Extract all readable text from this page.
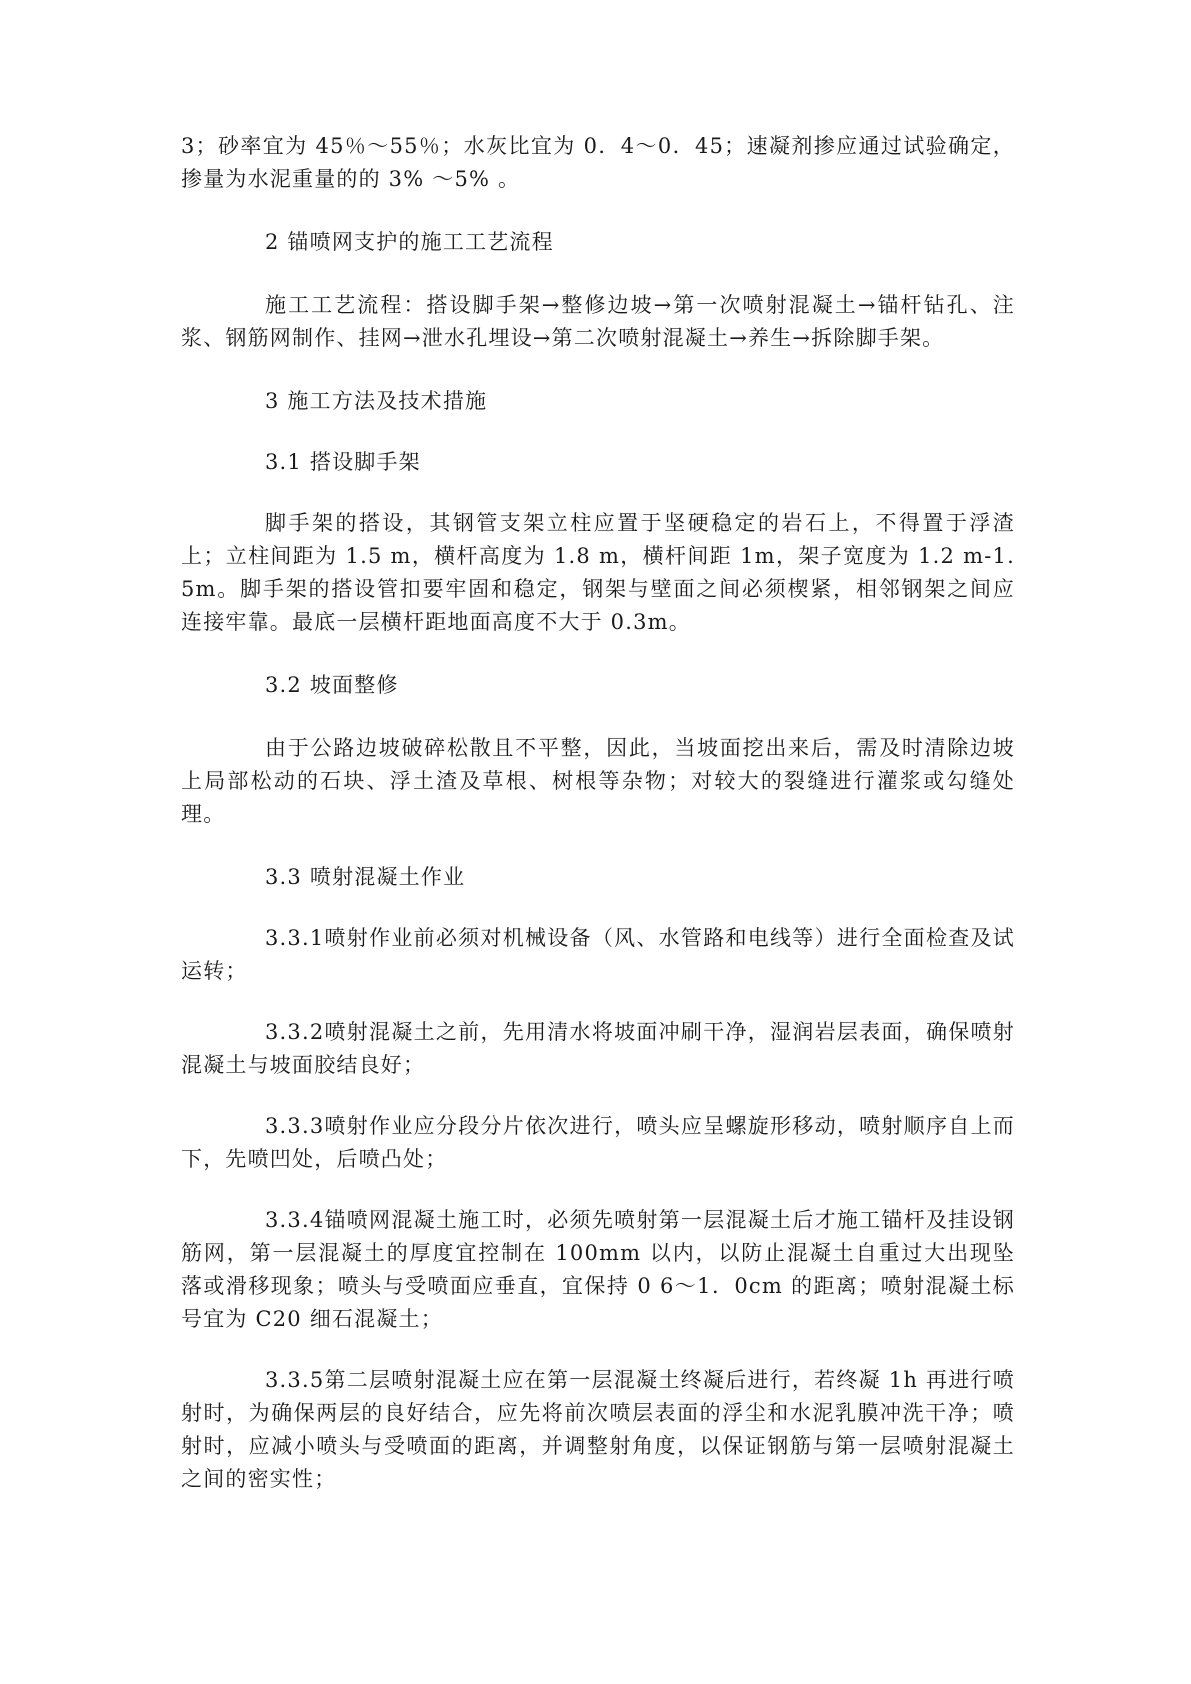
3；砂率宜为 45％～55％；水灰比宜为 0．4～0．45；速凝剂掺应通过试验确定，掺量为水泥重量的的 3% ～5% 。

2 锚喷网支护的施工工艺流程

施工工艺流程：搭设脚手架→整修边坡→第一次喷射混凝土→锚杆钻孔、注浆、钢筋网制作、挂网→泄水孔埋设→第二次喷射混凝土→养生→拆除脚手架。

3 施工方法及技术措施

3.1 搭设脚手架

脚手架的搭设，其钢管支架立柱应置于坚硬稳定的岩石上，不得置于浮渣上；立柱间距为 1.5 m，横杆高度为 1.8 m，横杆间距 1m，架子宽度为 1.2 m-1.5m。脚手架的搭设管扣要牢固和稳定，钢架与壁面之间必须楔紧，相邻钢架之间应连接牢靠。最底一层横杆距地面高度不大于 0.3m。

3.2 坡面整修

由于公路边坡破碎松散且不平整，因此，当坡面挖出来后，需及时清除边坡上局部松动的石块、浮土渣及草根、树根等杂物；对较大的裂缝进行灌浆或勾缝处理。

3.3 喷射混凝土作业

3.3.1喷射作业前必须对机械设备（风、水管路和电线等）进行全面检查及试运转；

3.3.2喷射混凝土之前，先用清水将坡面冲刷干净，湿润岩层表面，确保喷射混凝土与坡面胶结良好；

3.3.3喷射作业应分段分片依次进行，喷头应呈螺旋形移动，喷射顺序自上而下，先喷凹处，后喷凸处；

3.3.4锚喷网混凝土施工时，必须先喷射第一层混凝土后才施工锚杆及挂设钢筋网，第一层混凝土的厚度宜控制在 100mm 以内，以防止混凝土自重过大出现坠落或滑移现象；喷头与受喷面应垂直，宜保持 0 6～1．0cm 的距离；喷射混凝土标号宜为 C20 细石混凝土；

3.3.5第二层喷射混凝土应在第一层混凝土终凝后进行，若终凝 1h 再进行喷射时，为确保两层的良好结合，应先将前次喷层表面的浮尘和水泥乳膜冲洗干净；喷射时，应减小喷头与受喷面的距离，并调整射角度，以保证钢筋与第一层喷射混凝土之间的密实性；
